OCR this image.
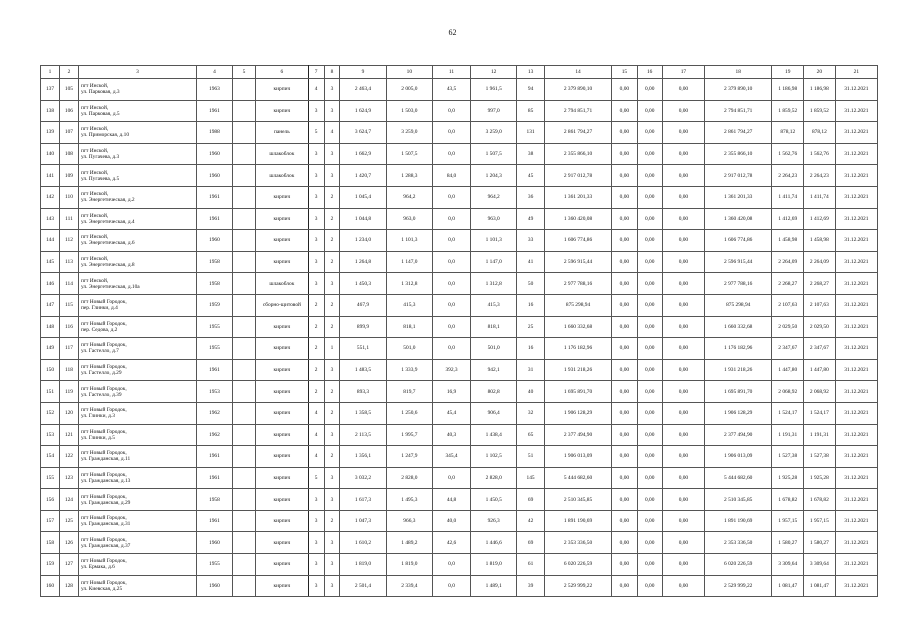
62
1	2	3	4	5	6	7	8	9	10	11	12	13	14	15	16	17	18	19	20	21
137	105	пгт Инской,
ул. Парковая, д.3	1963		кирпич	4	3	2 463,4	2 005,0	43,5	1 961,5	94	2 379 890,10	0,00	0,00	0,00	2 379 890,10	1 186,98	1 186,98	31.12.2021
138	106	пгт Инской,
ул. Парковая, д.5	1961		кирпич	3	3	1 624,9	1 503,0	0,0	997,0	85	2 794 851,71	0,00	0,00	0,00	2 794 851,71	1 859,52	1 859,52	31.12.2021
139	107	пгт Инской,
ул. Приморская, д.10	1988		панель	5	4	3 624,7	3 259,0	0,0	3 259,0	131	2 861 794,27	0,00	0,00	0,00	2 861 794,27	878,12	878,12	31.12.2021
140	108	пгт Инской,
ул. Пугачева, д.3	1960		шлакоблок	3	3	1 662,9	1 507,5	0,0	1 507,5	38	2 355 866,10	0,00	0,00	0,00	2 355 866,10	1 562,76	1 562,76	31.12.2021
141	109	пгт Инской,
ул. Пугачева, д.5	1960		шлакоблок	3	3	1 420,7	1 288,3	84,0	1 204,3	45	2 917 012,78	0,00	0,00	0,00	2 917 012,78	2 264,23	2 264,23	31.12.2021
142	110	пгт Инской,
ул. Энергетическая, д.2	1961		кирпич	3	2	1 045,4	964,2	0,0	964,2	36	1 361 201,33	0,00	0,00	0,00	1 361 201,33	1 411,74	1 411,74	31.12.2021
143	111	пгт Инской,
ул. Энергетическая, д.4	1961		кирпич	3	2	1 044,8	963,0	0,0	963,0	49	1 360 420,08	0,00	0,00	0,00	1 360 420,08	1 412,69	1 412,69	31.12.2021
144	112	пгт Инской,
ул. Энергетическая, д.6	1960		кирпич	3	2	1 234,0	1 101,3	0,0	1 101,3	33	1 606 774,86	0,00	0,00	0,00	1 606 774,86	1 458,98	1 458,98	31.12.2021
145	113	пгт Инской,
ул. Энергетическая, д.8	1958		кирпич	3	2	1 264,8	1 147,0	0,0	1 147,0	41	2 596 915,44	0,00	0,00	0,00	2 596 915,44	2 264,09	2 264,09	31.12.2021
146	114	пгт Инской,
ул. Энергетическая, д.10а	1958		шлакоблок	3	3	1 450,3	1 312,8	0,0	1 312,8	50	2 977 788,16	0,00	0,00	0,00	2 977 788,16	2 268,27	2 268,27	31.12.2021
147	115	пгт Новый Городок,
пер. Глинки, д.4	1959		сборно-щитовой	2	2	467,9	415,3	0,0	415,3	16	875 298,94	0,00	0,00	0,00	875 298,94	2 107,63	2 107,63	31.12.2021
148	116	пгт Новый Городок,
пер. Седова, д.2	1955		кирпич	2	2	899,9	818,1	0,0	818,1	25	1 660 332,68	0,00	0,00	0,00	1 660 332,68	2 029,50	2 029,50	31.12.2021
149	117	пгт Новый Городок,
ул. Гастелло, д.7	1955		кирпич	2	1	551,1	501,0	0,0	501,0	16	1 176 182,96	0,00	0,00	0,00	1 176 182,96	2 347,67	2 347,67	31.12.2021
150	118	пгт Новый Городок,
ул. Гастелло, д.29	1961		кирпич	2	3	1 483,5	1 333,9	392,3	942,1	31	1 931 218,26	0,00	0,00	0,00	1 931 218,26	1 447,80	1 447,80	31.12.2021
151	119	пгт Новый Городок,
ул. Гастелло, д.39	1953		кирпич	2	2	893,3	819,7	16,9	802,8	40	1 695 891,70	0,00	0,00	0,00	1 695 891,70	2 068,92	2 068,92	31.12.2021
152	120	пгт Новый Городок,
ул. Глинки, д.3	1962		кирпич	4	2	1 358,5	1 250,6	45,4	906,4	32	1 906 128,29	0,00	0,00	0,00	1 906 128,29	1 524,17	1 524,17	31.12.2021
153	121	пгт Новый Городок,
ул. Глинки, д.5	1962		кирпич	4	3	2 113,5	1 995,7	40,3	1 438,4	65	2 377 494,90	0,00	0,00	0,00	2 377 494,90	1 191,31	1 191,31	31.12.2021
154	122	пгт Новый Городок,
ул. Гражданская, д.11	1961		кирпич	4	2	1 356,1	1 247,9	345,4	1 102,5	51	1 906 013,09	0,00	0,00	0,00	1 906 013,09	1 527,38	1 527,38	31.12.2021
155	123	пгт Новый Городок,
ул. Гражданская, д.13	1961		кирпич	5	3	3 032,2	2 828,0	0,0	2 828,0	145	5 444 682,60	0,00	0,00	0,00	5 444 682,60	1 925,28	1 925,28	31.12.2021
156	124	пгт Новый Городок,
ул. Гражданская, д.29	1958		кирпич	3	3	1 617,3	1 495,3	44,8	1 450,5	69	2 510 345,85	0,00	0,00	0,00	2 510 345,85	1 678,82	1 678,82	31.12.2021
157	125	пгт Новый Городок,
ул. Гражданская, д.31	1961		кирпич	3	2	1 047,3	966,3	40,0	926,3	42	1 891 190,69	0,00	0,00	0,00	1 891 190,69	1 957,15	1 957,15	31.12.2021
158	126	пгт Новый Городок,
ул. Гражданская, д.37	1960		кирпич	3	3	1 610,2	1 489,2	42,6	1 446,6	69	2 353 336,50	0,00	0,00	0,00	2 353 336,50	1 580,27	1 580,27	31.12.2021
159	127	пгт Новый Городок,
ул. Ермака, д.6	1955		кирпич	3	3	1 819,0	1 819,0	0,0	1 819,0	61	6 020 226,59	0,00	0,00	0,00	6 020 226,59	3 309,64	3 309,64	31.12.2021
160	128	пгт Новый Городок,
ул. Киевская, д.25	1960		кирпич	3	3	2 501,4	2 339,4	0,0	1 489,1	39	2 529 999,22	0,00	0,00	0,00	2 529 999,22	1 081,47	1 081,47	31.12.2021
